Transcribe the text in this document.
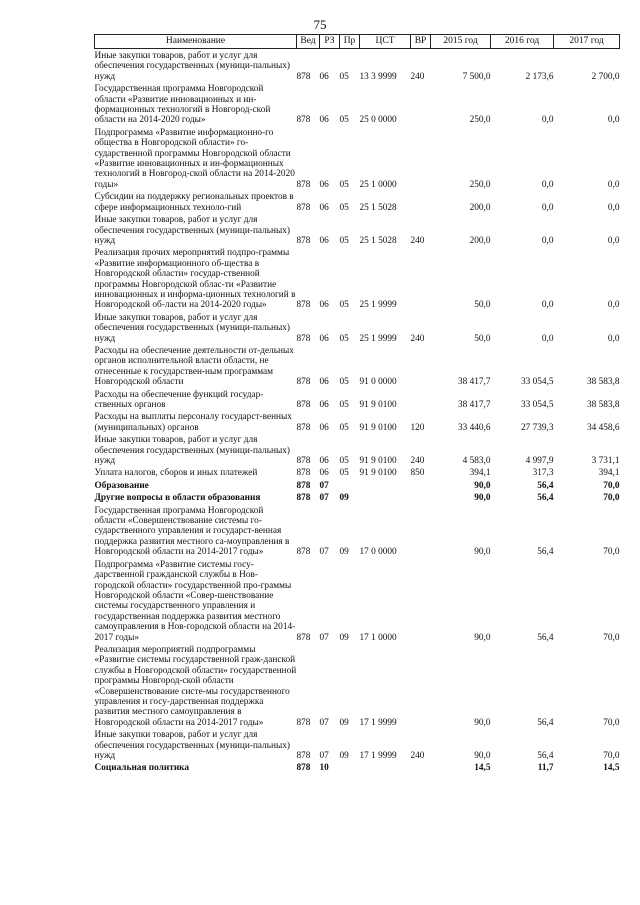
75
Наименование	Вед	РЗ	Пр	ЦСТ	ВР	2015 год	2016 год	2017 год
Иные закупки товаров, работ и услуг для обеспечения государственных (муници-пальных) нужд	878	06	05	13 3 9999	240	7 500,0	2 173,6	2 700,0
Государственная программа Новгородской области «Развитие инновационных и ин-формационных технологий в Новгород-ской области на 2014-2020 годы»	878	06	05	25 0 0000		250,0	0,0	0,0
Подпрограмма «Развитие информационно-го общества в Новгородской области» го-сударственной программы Новгородской области «Развитие инновационных и ин-формационных технологий в Новгород-ской области на 2014-2020 годы»	878	06	05	25 1 0000		250,0	0,0	0,0
Субсидии на поддержку региональных проектов в сфере информационных техноло-гий	878	06	05	25 1 5028		200,0	0,0	0,0
Иные закупки товаров, работ и услуг для обеспечения государственных (муници-пальных) нужд	878	06	05	25 1 5028	240	200,0	0,0	0,0
Реализация прочих мероприятий подпро-граммы «Развитие информационного об-щества в Новгородской области» государ-ственной программы Новгородской облас-ти «Развитие инновационных и информа-ционных технологий в Новгородской об-ласти на 2014-2020 годы»	878	06	05	25 1 9999		50,0	0,0	0,0
Иные закупки товаров, работ и услуг для обеспечения государственных (муници-пальных) нужд	878	06	05	25 1 9999	240	50,0	0,0	0,0
Расходы на обеспечение деятельности от-дельных органов исполнительной власти области, не отнесенные к государствен-ным программам Новгородской области	878	06	05	91 0 0000		38 417,7	33 054,5	38 583,8
Расходы на обеспечение функций государ-ственных органов	878	06	05	91 9 0100		38 417,7	33 054,5	38 583,8
Расходы на выплаты персоналу государст-венных (муниципальных) органов	878	06	05	91 9 0100	120	33 440,6	27 739,3	34 458,6
Иные закупки товаров, работ и услуг для обеспечения государственных (муници-пальных) нужд	878	06	05	91 9 0100	240	4 583,0	4 997,9	3 731,1
Уплата налогов, сборов и иных платежей	878	06	05	91 9 0100	850	394,1	317,3	394,1
Образование	878	07				90,0	56,4	70,0
Другие вопросы в области образования	878	07	09			90,0	56,4	70,0
Государственная программа Новгородской области «Совершенствование системы го-сударственного управления и государст-венная поддержка развития местного са-моуправления в Новгородской области на 2014-2017 годы»	878	07	09	17 0 0000		90,0	56,4	70,0
Подпрограмма «Развитие системы госу-дарственной гражданской службы в Нов-городской области» государственной про-граммы Новгородской области «Совер-шенствование системы государственного управления и государственная поддержка развития местного самоуправления в Нов-городской области на 2014-2017 годы»	878	07	09	17 1 0000		90,0	56,4	70,0
Реализация мероприятий подпрограммы «Развитие системы государственной граж-данской службы в Новгородской области» государственной программы Новгород-ской области «Совершенствование систе-мы государственного управления и госу-дарственная поддержка развития местного самоуправления в Новгородской области на 2014-2017 годы»	878	07	09	17 1 9999		90,0	56,4	70,0
Иные закупки товаров, работ и услуг для обеспечения государственных (муници-пальных) нужд	878	07	09	17 1 9999	240	90,0	56,4	70,0
Социальная политика	878	10				14,5	11,7	14,5
